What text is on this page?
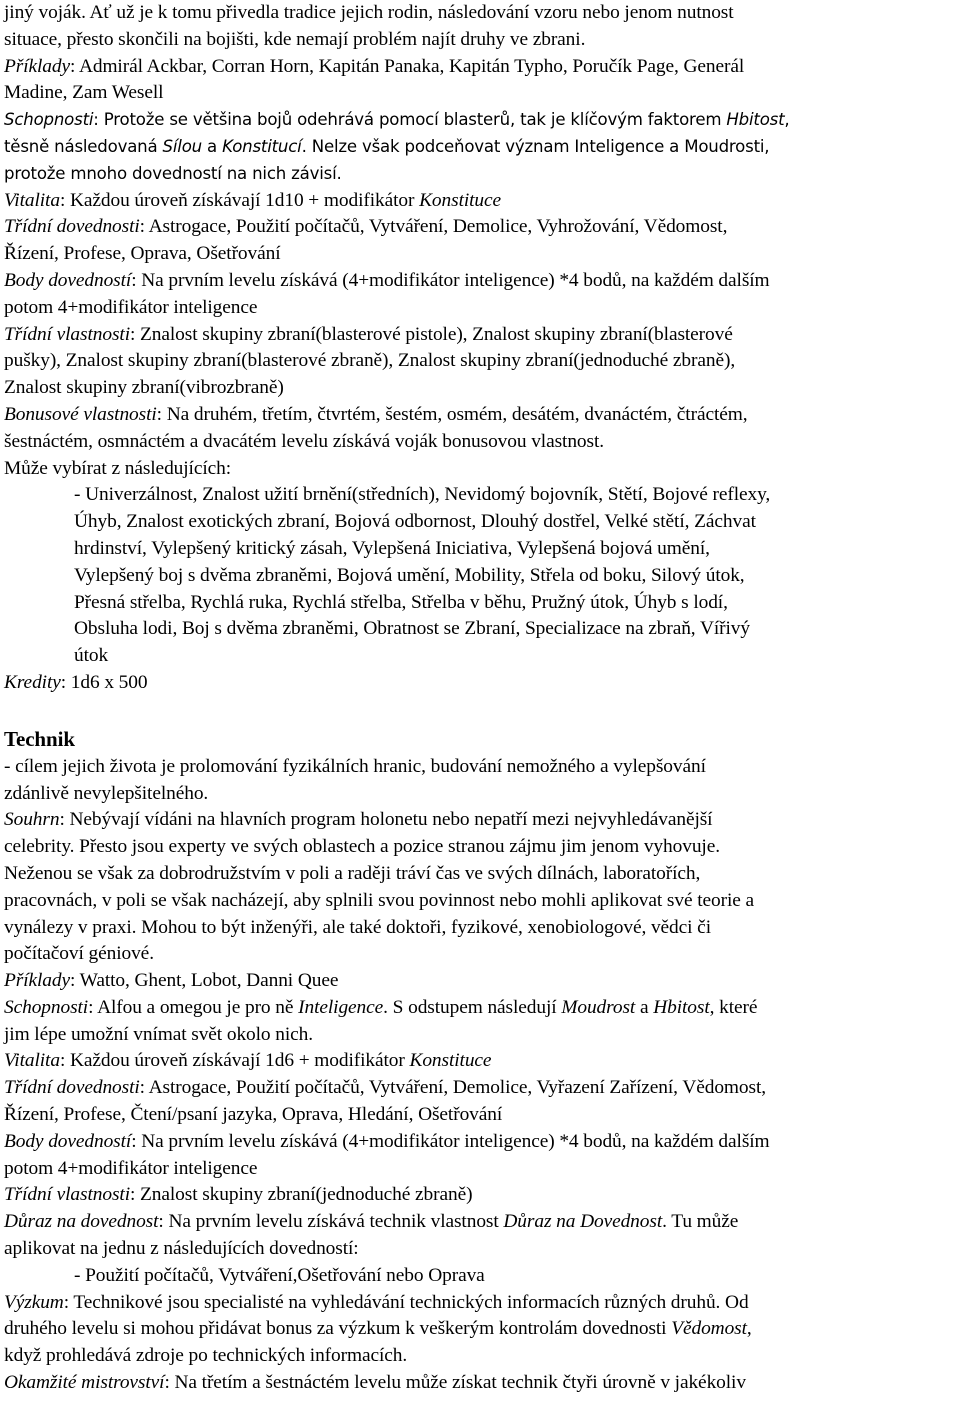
jiný voják. Ať už je k tomu přivedla tradice jejich rodin, následování vzoru nebo jenom nutnost
situace, přesto skončili na bojišti, kde nemají problém najít druhy ve zbrani.
Příklady: Admirál Ackbar, Corran Horn, Kapitán Panaka, Kapitán Typho, Poručík Page, Generál
Madine, Zam Wesell
Schopnosti: Protože se většina bojů odehrává pomocí blasterů, tak je klíčovým faktorem Hbitost,
těsně následovaná Sílou a Konstitucí. Nelze však podceňovat význam Inteligence a Moudrosti,
protože mnoho dovedností na nich závisí.
Vitalita: Každou úroveň získávají 1d10 + modifikátor Konstituce
Třídní dovednosti: Astrogace, Použití počítačů, Vytváření, Demolice, Vyhrožování, Vědomost,
Řízení, Profese, Oprava, Ošetřování
Body dovedností: Na prvním levelu získává (4+modifikátor inteligence) *4 bodů, na každém dalším
potom 4+modifikátor inteligence
Třídní vlastnosti: Znalost skupiny zbraní(blasterové pistole), Znalost skupiny zbraní(blasterové
pušky), Znalost skupiny zbraní(blasterové zbraně), Znalost skupiny zbraní(jednoduché zbraně),
Znalost skupiny zbraní(vibrozbraně)
Bonusové vlastnosti: Na druhém, třetím, čtvrtém, šestém, osmém, desátém, dvanáctém, čtráctém,
šestnáctém, osmnáctém a dvacátém levelu získává voják bonusovou vlastnost.
Může vybírat z následujících:
- Univerzálnost, Znalost užití brnění(středních), Nevidomý bojovník, Stětí, Bojové reflexy,
Úhyb, Znalost exotických zbraní, Bojová odbornost, Dlouhý dostřel, Velké stětí, Záchvat
hrdinství, Vylepšený kritický zásah, Vylepšená Iniciativa, Vylepšená bojová umění,
Vylepšený boj s dvěma zbraněmi, Bojová umění, Mobility, Střela od boku, Silový útok,
Přesná střelba, Rychlá ruka, Rychlá střelba, Střelba v běhu, Pružný útok, Úhyb s lodí,
Obsluha lodi, Boj s dvěma zbraněmi, Obratnost se Zbraní, Specializace na zbraň, Vířivý
útok
Kredity: 1d6 x 500
Technik
- cílem jejich života je prolomování fyzikálních hranic, budování nemožného a vylepšování
zdánlivě nevylepšitelného.
Souhrn: Nebývají vídáni na hlavních program holonetu nebo nepatří mezi nejvyhledávanější
celebrity. Přesto jsou experty ve svých oblastech a pozice stranou zájmu jim jenom vyhovuje.
Neženou se však za dobrodružstvím v poli a raději tráví čas ve svých dílnách, laboratořích,
pracovnách, v poli se však nacházejí, aby splnili svou povinnost nebo mohli aplikovat své teorie a
vynálezy v praxi. Mohou to být inženýři, ale také doktoři, fyzikové, xenobiologové, vědci či
počítačoví géniové.
Příklady: Watto, Ghent, Lobot, Danni Quee
Schopnosti: Alfou a omegou je pro ně Inteligence. S odstupem následují Moudrost a Hbitost, které
jim lépe umožní vnímat svět okolo nich.
Vitalita: Každou úroveň získávají 1d6 + modifikátor Konstituce
Třídní dovednosti: Astrogace, Použití počítačů, Vytváření, Demolice, Vyřazení Zařízení, Vědomost,
Řízení, Profese, Čtení/psaní jazyka, Oprava, Hledání, Ošetřování
Body dovedností: Na prvním levelu získává (4+modifikátor inteligence) *4 bodů, na každém dalším
potom 4+modifikátor inteligence
Třídní vlastnosti: Znalost skupiny zbraní(jednoduché zbraně)
Důraz na dovednost: Na prvním levelu získává technik vlastnost Důraz na Dovednost. Tu může
aplikovat na jednu z následujících dovedností:
- Použití počítačů, Vytváření,Ošetřování nebo Oprava
Výzkum: Technikové jsou specialisté na vyhledávání technických informacích různých druhů. Od
druhého levelu si mohou přidávat bonus za výzkum k veškerým kontrolám dovednosti Vědomost,
když prohledává zdroje po technických informacích.
Okamžité mistrovství: Na třetím a šestnáctém levelu může získat technik čtyři úrovně v jakékoliv
